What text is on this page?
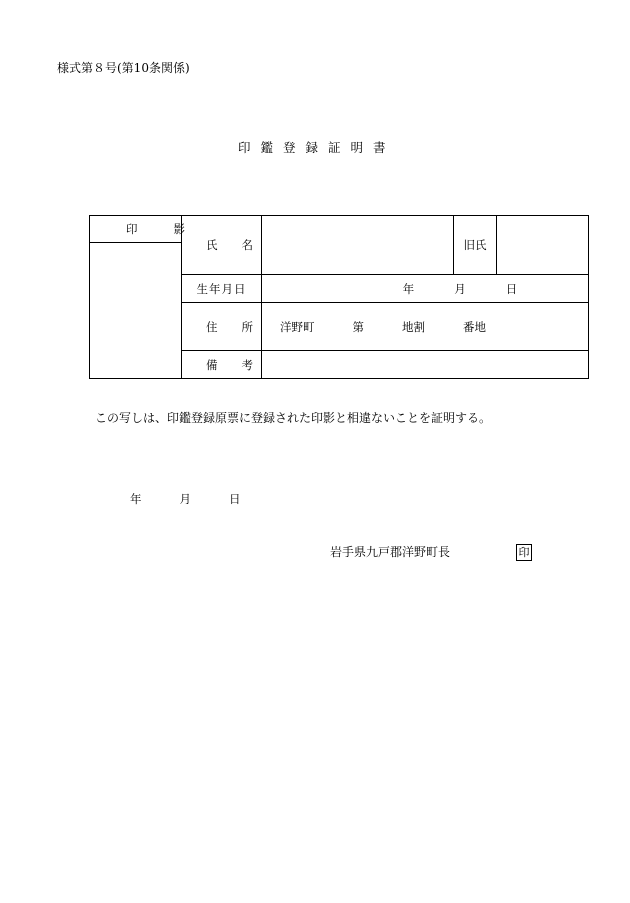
様式第８号(第10条関係)
印鑑登録証明書
印影	氏名		旧氏	

	生年月日	年 月 日		
	住所	洋野町 第 地割 番地		
	備考			
この写しは、印鑑登録原票に登録された印影と相違ないことを証明する。
年	月	日
岩手県九戸郡洋野町長	印
